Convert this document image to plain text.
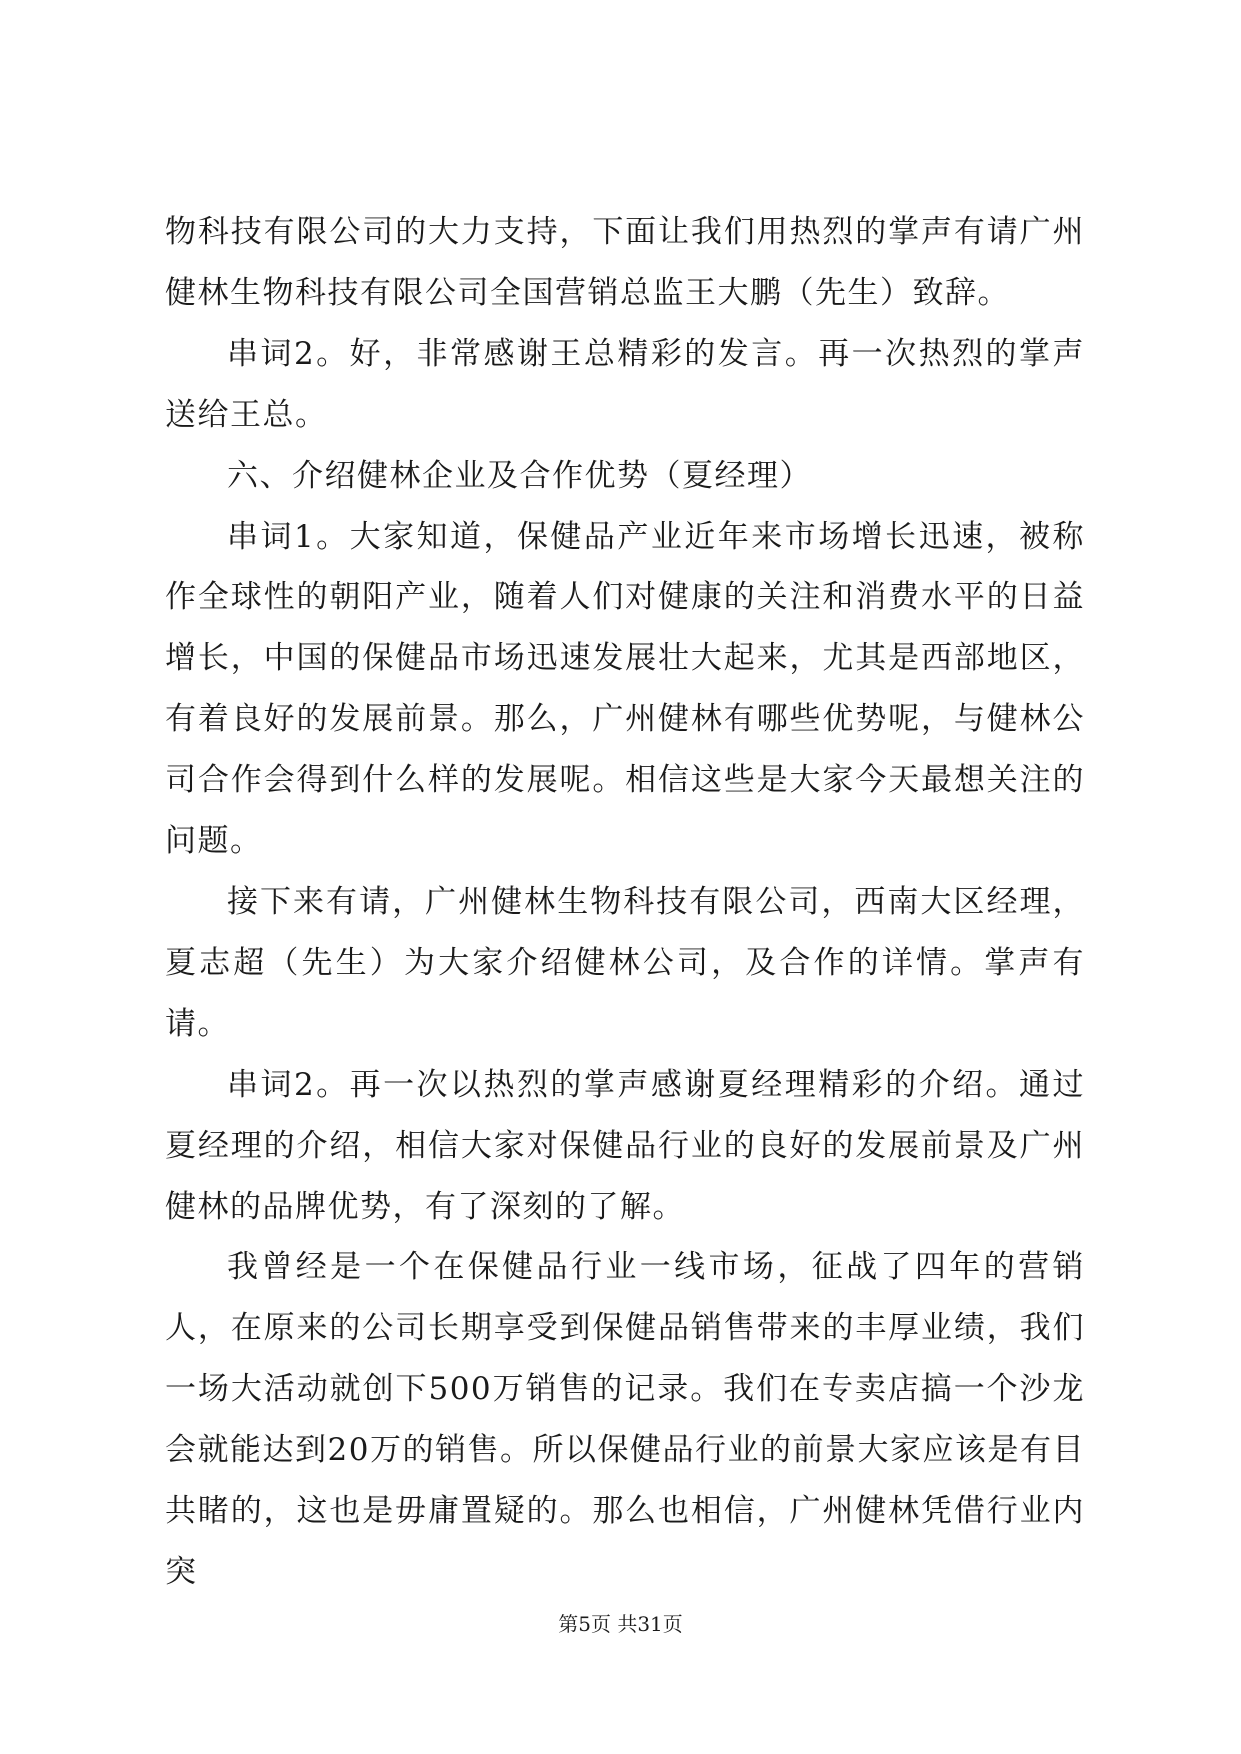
物科技有限公司的大力支持，下面让我们用热烈的掌声有请广州健林生物科技有限公司全国营销总监王大鹏（先生）致辞。

串词2。好，非常感谢王总精彩的发言。再一次热烈的掌声送给王总。

六、介绍健林企业及合作优势（夏经理）

串词1。大家知道，保健品产业近年来市场增长迅速，被称作全球性的朝阳产业，随着人们对健康的关注和消费水平的日益增长，中国的保健品市场迅速发展壮大起来，尤其是西部地区，有着良好的发展前景。那么，广州健林有哪些优势呢，与健林公司合作会得到什么样的发展呢。相信这些是大家今天最想关注的问题。

接下来有请，广州健林生物科技有限公司，西南大区经理，夏志超（先生）为大家介绍健林公司，及合作的详情。掌声有请。

串词2。再一次以热烈的掌声感谢夏经理精彩的介绍。通过夏经理的介绍，相信大家对保健品行业的良好的发展前景及广州健林的品牌优势，有了深刻的了解。

我曾经是一个在保健品行业一线市场，征战了四年的营销人，在原来的公司长期享受到保健品销售带来的丰厚业绩，我们一场大活动就创下500万销售的记录。我们在专卖店搞一个沙龙会就能达到20万的销售。所以保健品行业的前景大家应该是有目共睹的，这也是毋庸置疑的。那么也相信，广州健林凭借行业内突

第5页 共31页
